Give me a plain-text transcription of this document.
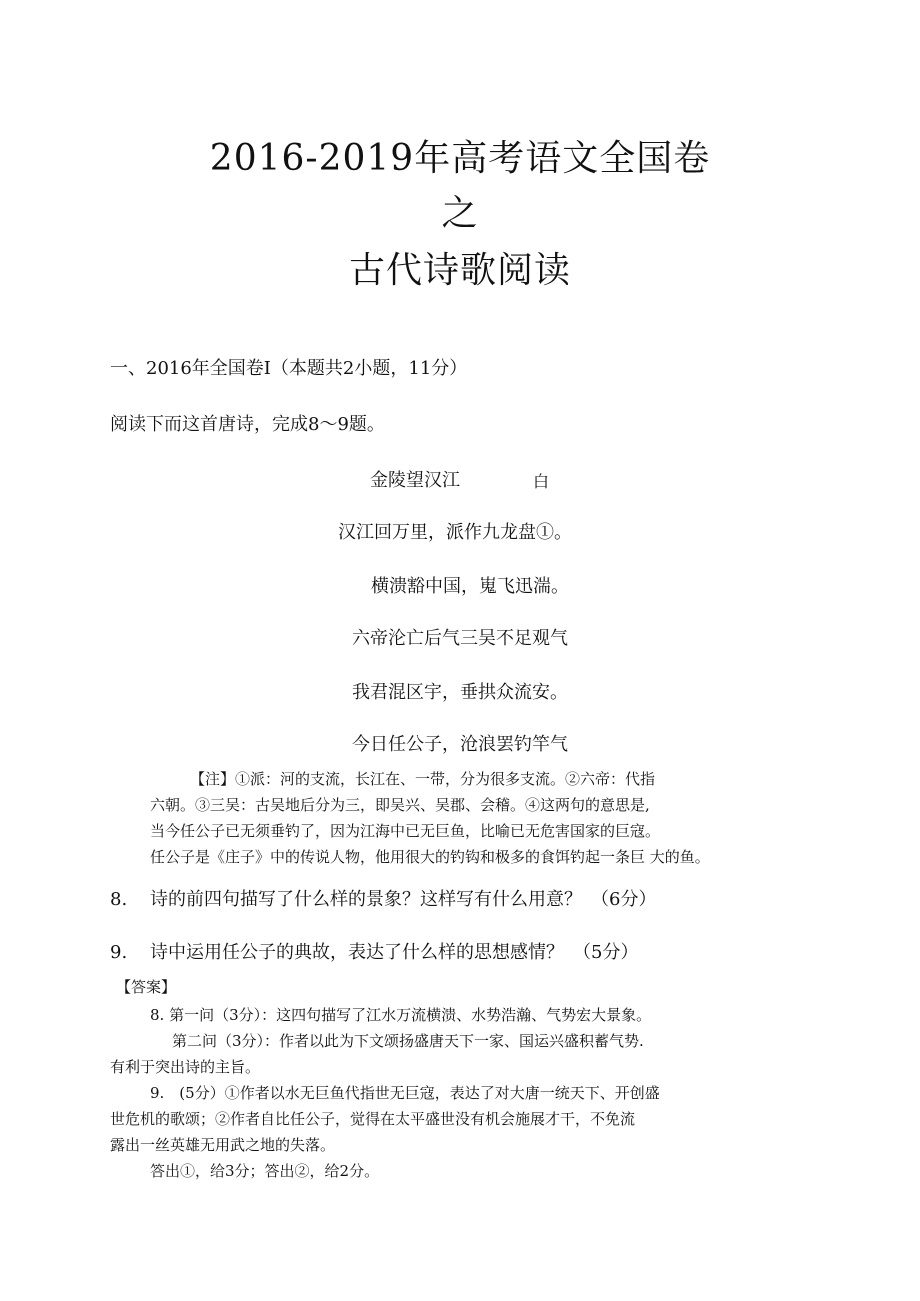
2016-2019年高考语文全国卷
之
古代诗歌阅读
一、2016年全国卷I（本题共2小题，11分）
阅读下而这首唐诗，完成8〜9题。
金陵望汉江	白
汉江回万里，派作九龙盘①。
横溃豁中国，嵬飞迅湍。
六帝沦亡后气三吴不足观气
我君混区宇，垂拱众流安。
今日任公子，沧浪罢钓竿气
【注】①派：河的支流，长江在、一带，分为很多支流。②六帝：代指
六朝。③三吴：古吴地后分为三，即吴兴、吴郡、会稽。④这两句的意思是,
当今任公子已无须垂钓了，因为江海中已无巨鱼，比喻已无危害国家的巨寇。
任公子是《庄子》中的传说人物，他用很大的钓钩和极多的食饵钓起一条巨 大的鱼。
8. 诗的前四句描写了什么样的景象？这样写有什么用意？　（6分）
9. 诗中运用任公子的典故，表达了什么样的思想感情？　（5分）
【答案】
8. 第一问（3分）：这四句描写了江水万流横溃、水势浩瀚、气势宏大景象。
第二问（3分）：作者以此为下文颂扬盛唐天下一家、国运兴盛积蓄气势.
有利于突出诗的主旨。
9.　(5分）①作者以水无巨鱼代指世无巨寇，表达了对大唐一统天下、开创盛
世危机的歌颂；②作者自比任公子，觉得在太平盛世没有机会施展才干，不免流
露出一丝英雄无用武之地的失落。
答出①，给3分；答出②，给2分。
